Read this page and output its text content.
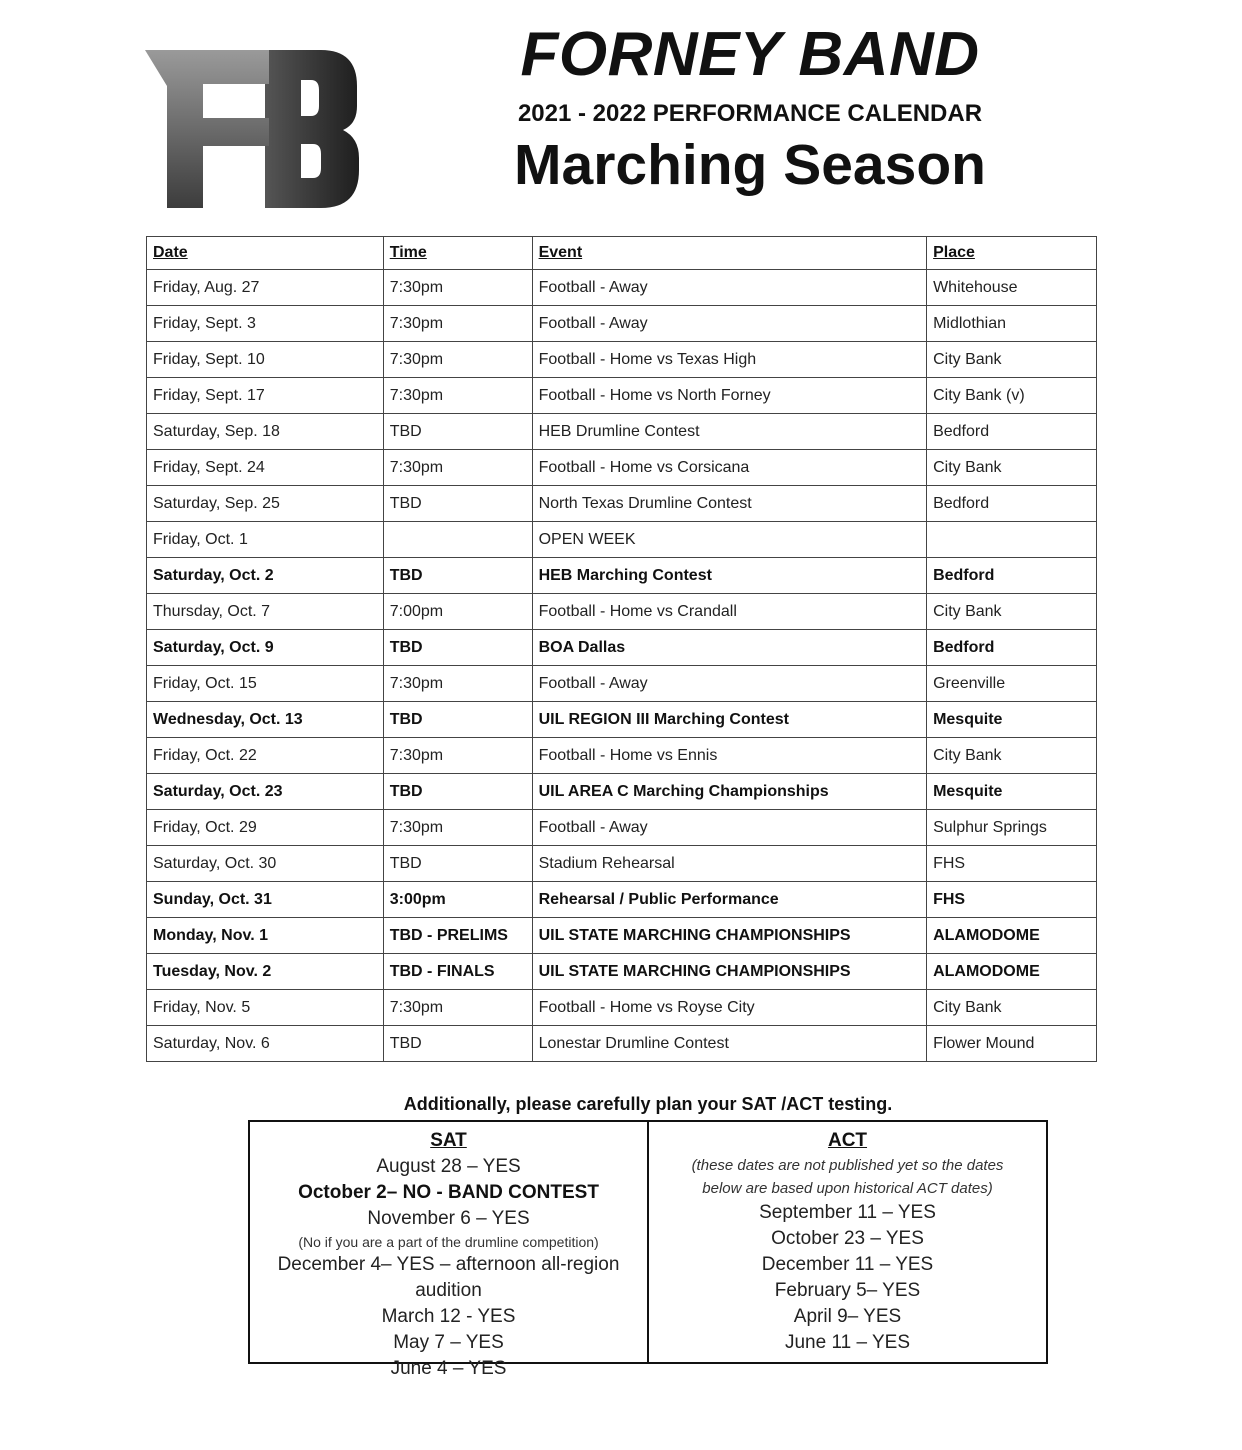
FORNEY BAND
2021 - 2022 PERFORMANCE CALENDAR
Marching Season
Date	Time	Event	Place
Friday, Aug. 27	7:30pm	Football - Away	Whitehouse
Friday, Sept. 3	7:30pm	Football - Away	Midlothian
Friday, Sept. 10	7:30pm	Football - Home vs Texas High	City Bank
Friday, Sept. 17	7:30pm	Football - Home vs North Forney	City Bank (v)
Saturday, Sep. 18	TBD	HEB Drumline Contest	Bedford
Friday, Sept. 24	7:30pm	Football - Home vs Corsicana	City Bank
Saturday, Sep. 25	TBD	North Texas Drumline Contest	Bedford
Friday, Oct. 1		OPEN WEEK	
Saturday, Oct. 2	TBD	HEB Marching Contest	Bedford
Thursday, Oct. 7	7:00pm	Football - Home vs Crandall	City Bank
Saturday, Oct. 9	TBD	BOA Dallas	Bedford
Friday, Oct. 15	7:30pm	Football - Away	Greenville
Wednesday, Oct. 13	TBD	UIL REGION III Marching Contest	Mesquite
Friday, Oct. 22	7:30pm	Football - Home vs Ennis	City Bank
Saturday, Oct. 23	TBD	UIL AREA C Marching Championships	Mesquite
Friday, Oct. 29	7:30pm	Football - Away	Sulphur Springs
Saturday, Oct. 30	TBD	Stadium Rehearsal	FHS
Sunday, Oct. 31	3:00pm	Rehearsal / Public Performance	FHS
Monday, Nov. 1	TBD - PRELIMS	UIL STATE MARCHING CHAMPIONSHIPS	ALAMODOME
Tuesday, Nov. 2	TBD - FINALS	UIL STATE MARCHING CHAMPIONSHIPS	ALAMODOME
Friday, Nov. 5	7:30pm	Football - Home vs Royse City	City Bank
Saturday, Nov. 6	TBD	Lonestar Drumline Contest	Flower Mound
Additionally, please carefully plan your SAT /ACT testing.
SAT
August 28 – YES
October 2– NO - BAND CONTEST
November 6 – YES
(No if you are a part of the drumline competition)
December 4– YES – afternoon all-region audition
March 12 - YES
May 7 – YES
June 4 – YES
ACT
(these dates are not published yet so the dates
below are based upon historical ACT dates)
September 11 – YES
October 23 – YES
December 11 – YES
February 5– YES
April 9– YES
June 11 – YES
